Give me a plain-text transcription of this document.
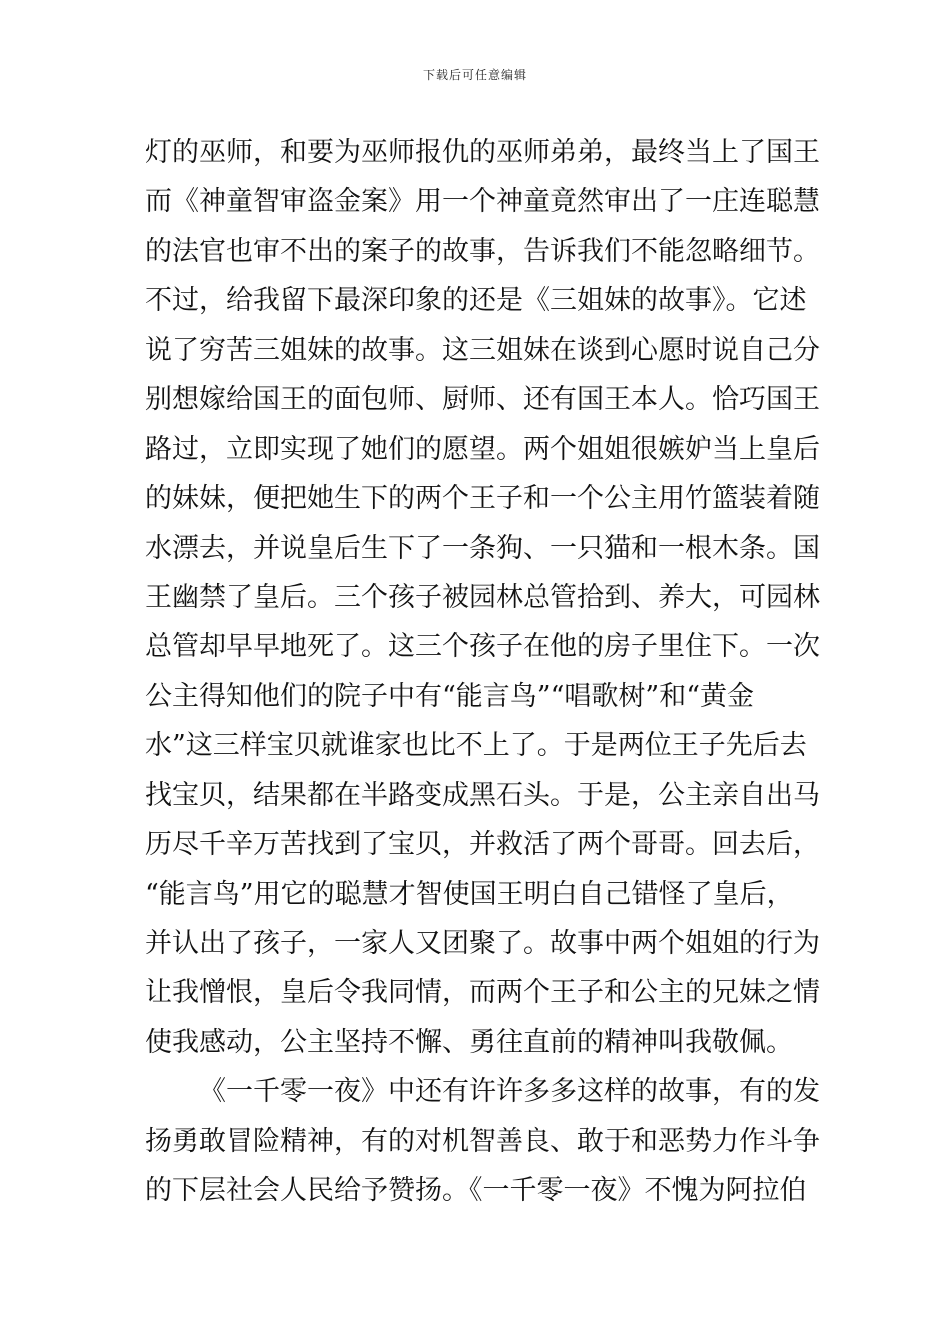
下载后可任意编辑
灯的巫师，和要为巫师报仇的巫师弟弟，最终当上了国王
而《神童智审盗金案》用一个神童竟然审出了一庄连聪慧
的法官也审不出的案子的故事，告诉我们不能忽略细节。
不过，给我留下最深印象的还是《三姐妹的故事》。它述
说了穷苦三姐妹的故事。这三姐妹在谈到心愿时说自己分
别想嫁给国王的面包师、厨师、还有国王本人。恰巧国王
路过，立即实现了她们的愿望。两个姐姐很嫉妒当上皇后
的妹妹，便把她生下的两个王子和一个公主用竹篮装着随
水漂去，并说皇后生下了一条狗、一只猫和一根木条。国
王幽禁了皇后。三个孩子被园林总管拾到、养大，可园林
总管却早早地死了。这三个孩子在他的房子里住下。一次
公主得知他们的院子中有“能言鸟”“唱歌树”和“黄金
水”这三样宝贝就谁家也比不上了。于是两位王子先后去
找宝贝，结果都在半路变成黑石头。于是，公主亲自出马
历尽千辛万苦找到了宝贝，并救活了两个哥哥。回去后，
“能言鸟”用它的聪慧才智使国王明白自己错怪了皇后，
并认出了孩子，一家人又团聚了。故事中两个姐姐的行为
让我憎恨，皇后令我同情，而两个王子和公主的兄妹之情
使我感动，公主坚持不懈、勇往直前的精神叫我敬佩。
《一千零一夜》中还有许许多多这样的故事，有的发
扬勇敢冒险精神，有的对机智善良、敢于和恶势力作斗争
的下层社会人民给予赞扬。《一千零一夜》不愧为阿拉伯
